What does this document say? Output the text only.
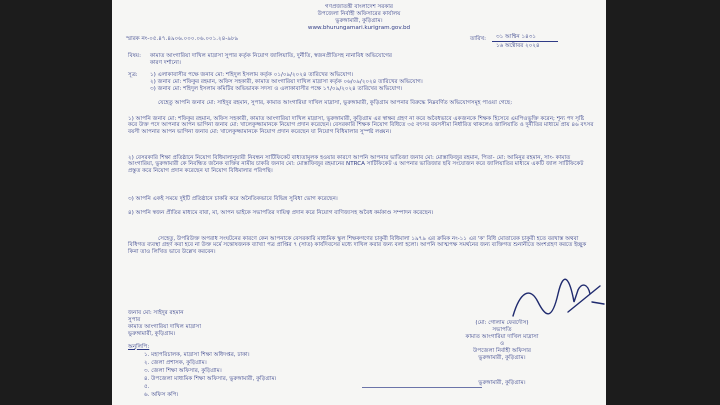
গণপ্রজাতন্ত্রী বাংলাদেশ সরকার
উপজেলা নির্বাহী অফিসারের কার্যালয়
ভুরুঙ্গামারী, কুড়িগ্রাম।
www.bhurungamari.kurigram.gov.bd
স্মারক নং-০৫.৪৭.৪৯০৬.০০০.০৬.০০১.২৪-৯৮৯	তারিখ: ৩১ আশ্বিন ১৪৩১
১৬ অক্টোবর ২০২৪
বিষয়: কামাত আংগারিয়া দাখিল মাদ্রাসা সুপার কর্তৃক নিয়োগ জালিয়াতি, দুর্নীতি, স্বজনপ্রীতিসহ নানাবিধ অভিযোগের
কারণ দর্শানো।
সূত্র: ১) এলাকাবাসীর পক্ষে জনাব মো: শহিদুল ইসলাম কর্তৃক ০১/০৯/২০২৪ তারিখের অভিযোগ।
২) জনাব মো: শফিকুর রহমান, অফিস সহকারী, কামাত আংগারিয়া দাখিল মাদ্রাসা কর্তৃক ০৬/০৯/২০২৪ তারিখের অভিযোগ।
৩) জনাব মো: শহিদুল ইসলাম কমিটির অভিভাবক সদস্য ও এলাকাবাসীর পক্ষে ১৭/০৯/২০২৪ তারিখের অভিযোগ।
যেহেতু আপনি জনাব মো: সাইদুর রহমান, সুপার, কামাত আংগারিয়া দাখিল মাদ্রাসা, ভুরুঙ্গামারী, কুড়িগ্রাম আপনার বিরুদ্ধে নিম্নবর্ণিত অভিযোগসমূহ পাওয়া গেছে:
১) আপনি জনাব মো: শফিকুর রহমান, অফিস সহকারী, কামাত আংগারিয়া দাখিল মাদ্রাসা, ভুরুঙ্গামারী, কুড়িগ্রাম এর স্বাক্ষর গ্রহণ না করে অবৈধভাবে একজনকে শিক্ষক হিসেবে এমপিওভুক্তি করেন; শূন্য পদ সৃষ্টি করে উক্ত পদে আপনার আপন ভাগিনা জনাব মো: খালেকুজ্জামানকে নিয়োগ প্রদান করেছেন। বেসরকারি শিক্ষক নিয়োগ বিধিতে ৩৫ বৎসর বয়সসীমা নির্ধারিত থাকলেও জালিয়াতি ও দুর্নীতির মাধ্যমে প্রায় ৪৬ বৎসর বয়সী আপনার আপন ভাগিনা জনাব মো: খালেকুজ্জামানকে নিয়োগ প্রদান করেছেন যা নিয়োগ বিধিমালার সুস্পষ্ট লঙ্ঘন।
২) বেসরকারি শিক্ষা প্রতিষ্ঠানে নিয়োগ বিধিমালানুযায়ী নিবন্ধন সার্টিফিকেট বাধ্যতামূলক হওয়ার কারণে আপনি আপনার ভাতিজা জনাব মো: মোস্তাফিজুর রহমান, পিতা- মো: আমিনুর রহমান, সাং- কামাত আংগারিয়া, ভুরুঙ্গামারী কে নিবন্ধিত জনৈক ব্যক্তির নামীয় চাকরি জনাব মো: মোস্তাফিজুর রহমানের NTRCA সার্টিফিকেট এ আপনার ভাতিজার ছবি সংযোজন করে জালিয়াতির মাধ্যমে একটি জাল সার্টিফিকেট প্রস্তুত করে নিয়োগ প্রদান করেছেন যা নিয়োগ বিধিমালার পরিপন্থি।
৩) আপনি একই সময়ে দুইটি প্রতিষ্ঠানে চাকরি করে অনৈতিকভাবে বিভিন্ন সুবিধা ভোগ করেছেন।
৪) আপনি স্বজন প্রীতির মাধ্যমে বাবা, মা, আপন ভাইকে সভাপতির দায়িত্ব প্রদান করে নিয়োগ বাণিজ্যসহ অবৈধ কর্মকাণ্ড সম্পাদন করেছেন।
সেহেতু, উপরিউক্ত অপরাধ সংঘটনের কারণে কেন আপনাকে বেসরকারি মাধ্যমিক স্কুল শিক্ষকগণের চাকুরী বিধিমালা ১৯৭৯ এর ক্রমিক নং-১১ এর 'ক' বিধি মোতাবেক চাকুরী হতে বরখাস্ত অথবা বিধিগত ব্যবস্থা গ্রহণ করা হবে না উক্ত মর্মে সন্তোষজনক ব্যাখ্যা পত্র প্রাপ্তির ৭ (সাত) কার্যদিবসের মধ্যে দাখিল করার জন্য বলা হলো। আপনি আত্মপক্ষ সমর্থনের জন্য ব্যক্তিগত শুনানীতে অংশগ্রহণ করতে ইচ্ছুক কিনা তাও লিখিত ভাবে উল্লেখ করবেন।
(মো: গোলাম ফেরদৌস)
সভাপতি
কামাত আংগারিয়া দাখিল মাদ্রাসা
ও
উপজেলা নির্বাহী অফিসার
ভুরুঙ্গামারী, কুড়িগ্রাম।
জনাব মো: সাইদুর রহমান
সুপার
কামাত আংগারিয়া দাখিল মাদ্রাসা
ভুরুঙ্গামারী, কুড়িগ্রাম।
অনুলিপি:
১. মহাপরিচালক, মাদ্রাসা শিক্ষা অধিদপ্তর, ঢাকা।
২. জেলা প্রশাসক, কুড়িগ্রাম।
৩. জেলা শিক্ষা অফিসার, কুড়িগ্রাম।
৪. উপজেলা মাধ্যমিক শিক্ষা অফিসার, ভুরুঙ্গামারী, কুড়িগ্রাম।
৫.
৬. অফিস কপি।
ভুরুঙ্গামারী, কুড়িগ্রাম।
